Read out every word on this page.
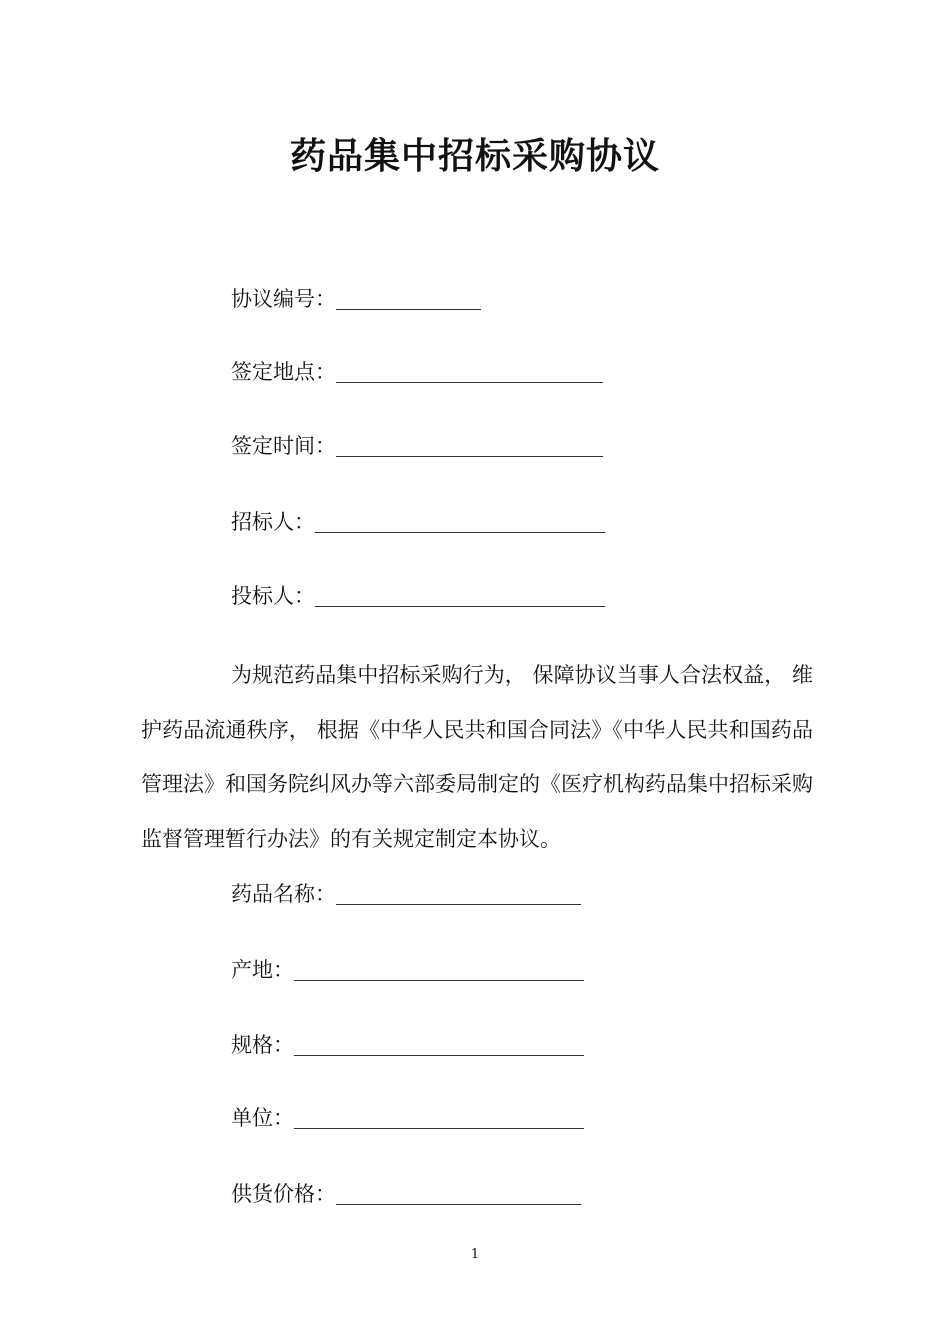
药品集中招标采购协议
协议编号：
签定地点：
签定时间：
招标人：
投标人：

为规范药品集中招标采购行为， 保障协议当事人合法权益， 维护药品流通秩序， 根据《中华人民共和国合同法》《中华人民共和国药品管理法》和国务院纠风办等六部委局制定的《医疗机构药品集中招标采购监督管理暂行办法》的有关规定制定本协议。

药品名称：
产地：
规格：
单位：
供货价格：
1
